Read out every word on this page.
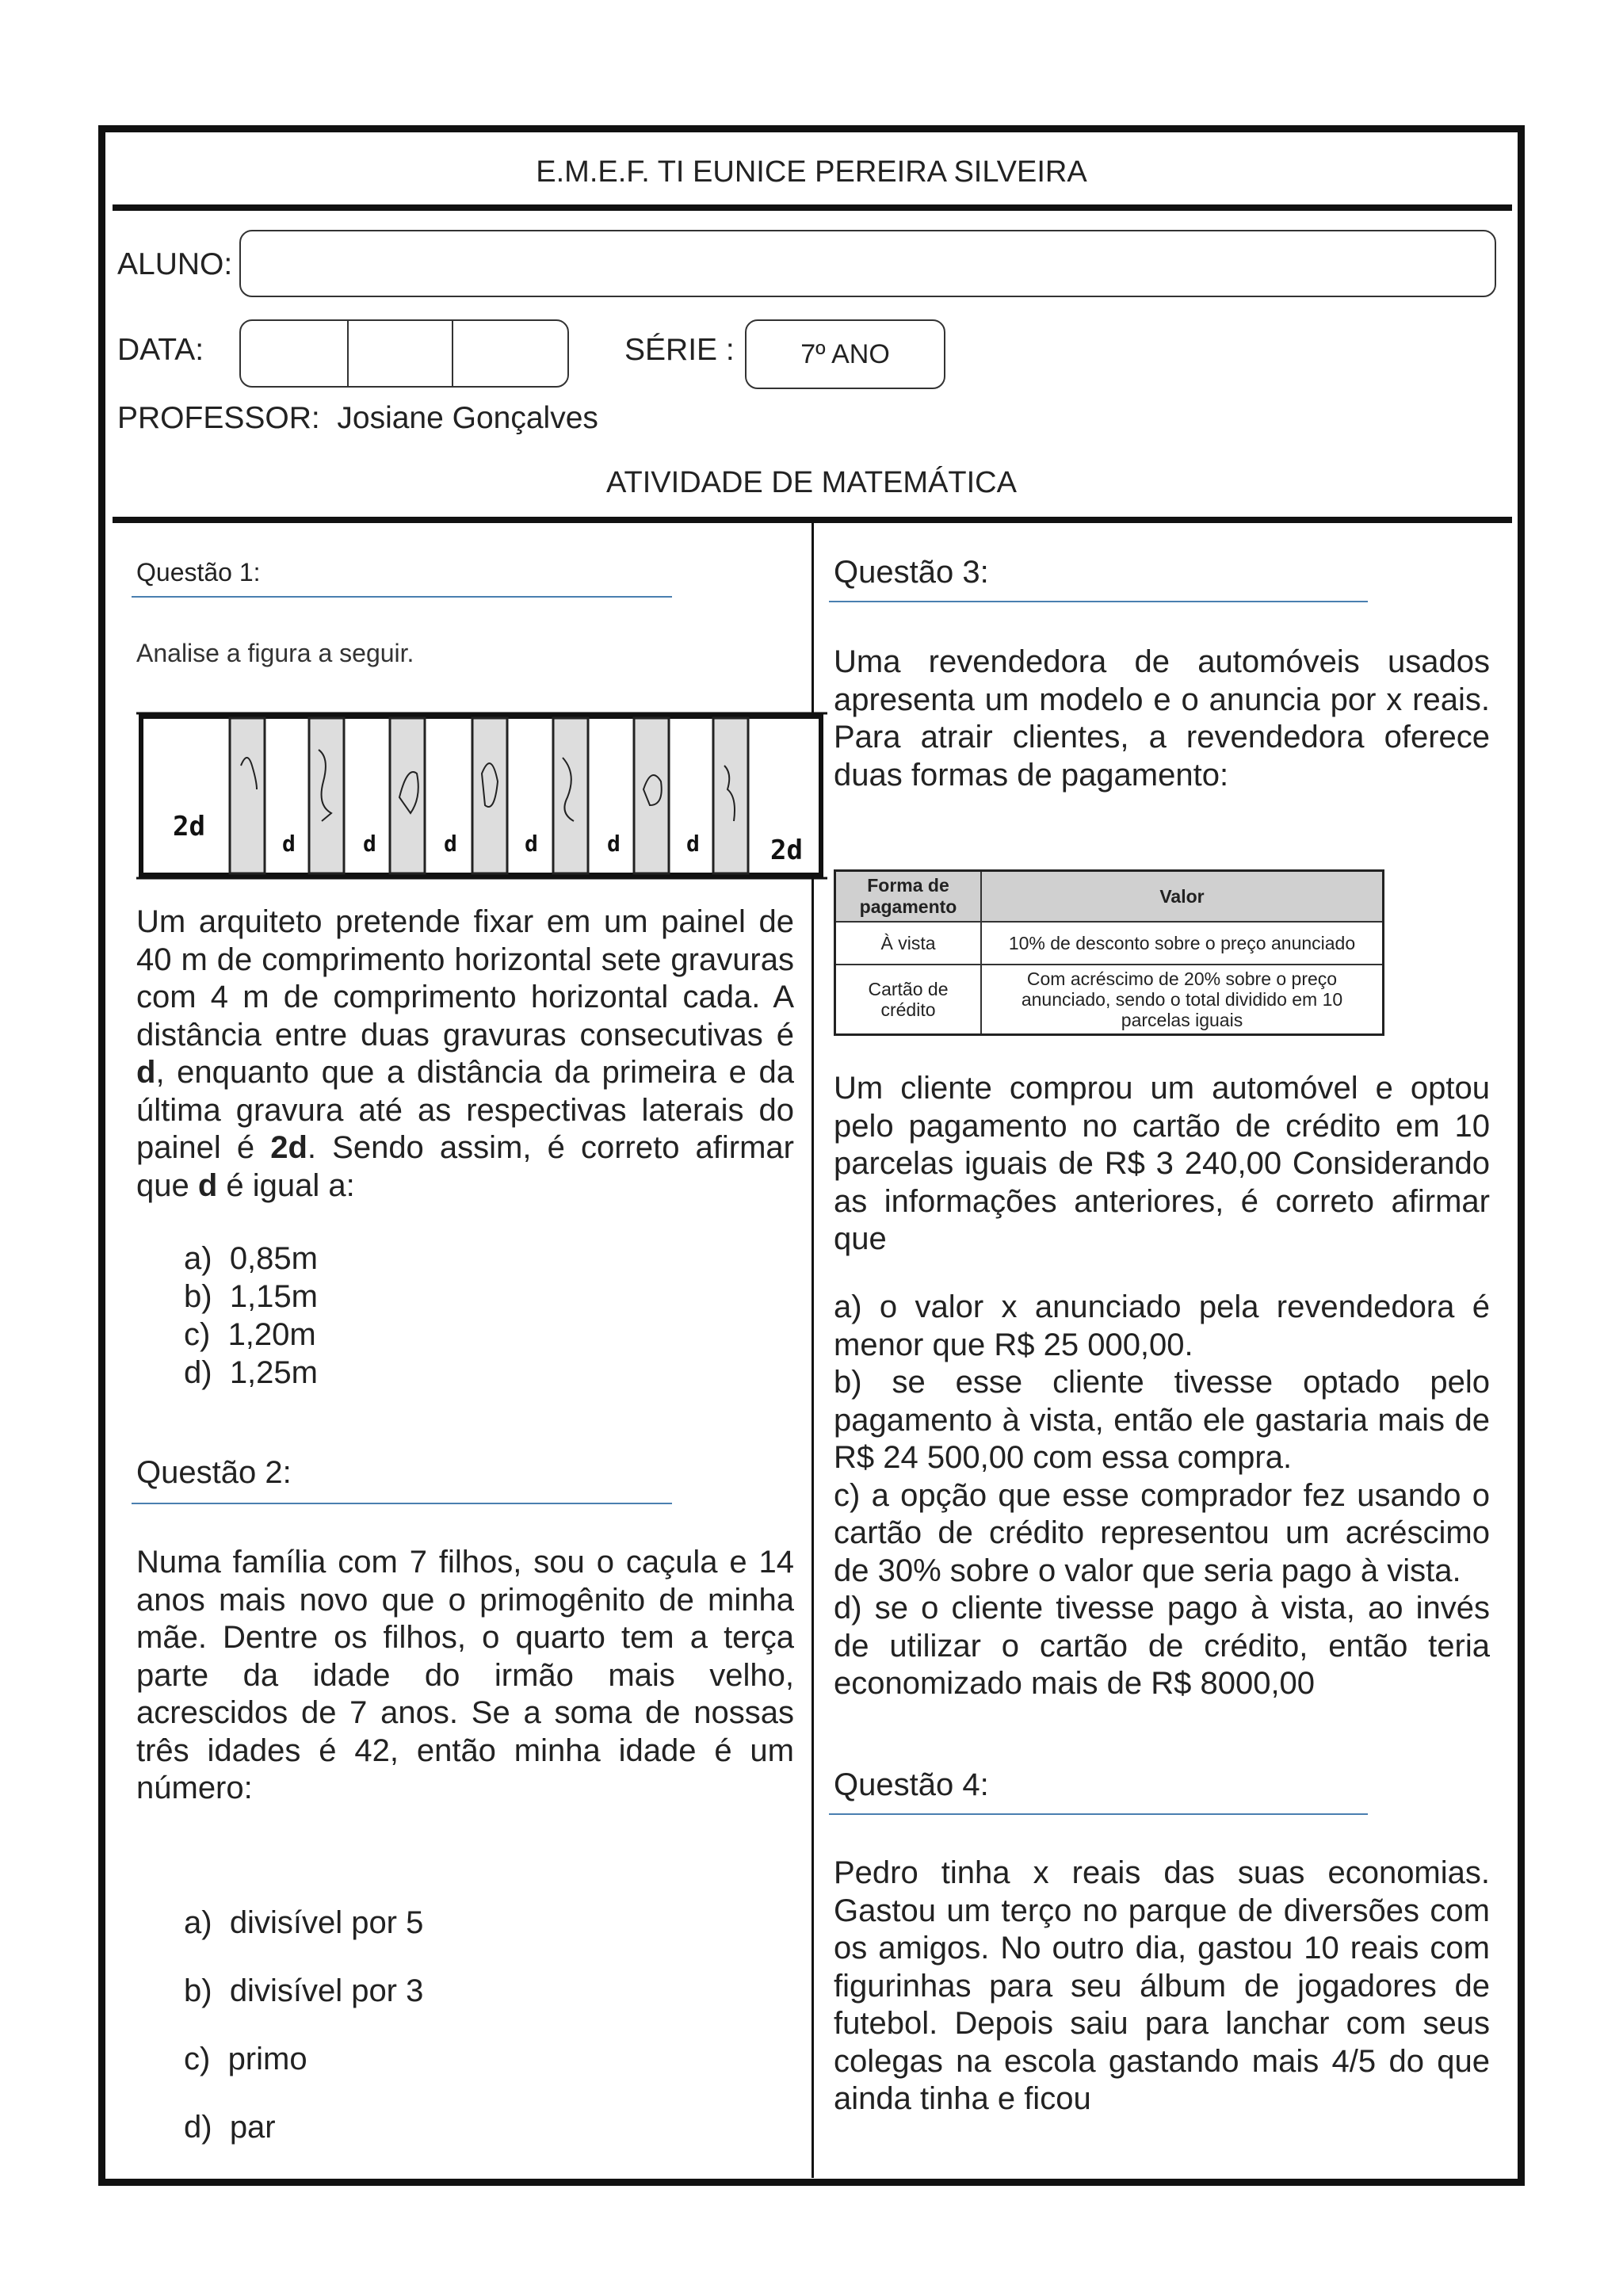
E.M.E.F. TI EUNICE PEREIRA SILVEIRA
ALUNO:
DATA:	SÉRIE : 7º ANO
PROFESSOR: Josiane Gonçalves
ATIVIDADE DE MATEMÁTICA
Questão 1:
Analise a figura a seguir.
2d
d	d	d	d	d	d	2d
Um arquiteto pretende fixar em um painel de 40 m de comprimento horizontal sete gravuras com 4 m de comprimento horizontal cada. A distância entre duas gravuras consecutivas é d, enquanto que a distância da primeira e da última gravura até as respectivas laterais do painel é 2d. Sendo assim, é correto afirmar que d é igual a:
a) 0,85m
b) 1,15m
c) 1,20m
d) 1,25m
Questão 2:
Numa família com 7 filhos, sou o caçula e 14 anos mais novo que o primogênito de minha mãe. Dentre os filhos, o quarto tem a terça parte da idade do irmão mais velho, acrescidos de 7 anos. Se a soma de nossas três idades é 42, então minha idade é um número:
a) divisível por 5
b) divisível por 3
c) primo
d) par
Questão 3:
Uma revendedora de automóveis usados apresenta um modelo e o anuncia por x reais. Para atrair clientes, a revendedora oferece duas formas de pagamento:
Forma de pagamento	Valor
À vista	10% de desconto sobre o preço anunciado
Cartão de crédito	Com acréscimo de 20% sobre o preço anunciado, sendo o total dividido em 10 parcelas iguais
Um cliente comprou um automóvel e optou pelo pagamento no cartão de crédito em 10 parcelas iguais de R$ 3 240,00 Considerando as informações anteriores, é correto afirmar que
a) o valor x anunciado pela revendedora é menor que R$ 25 000,00.
b) se esse cliente tivesse optado pelo pagamento à vista, então ele gastaria mais de R$ 24 500,00 com essa compra.
c) a opção que esse comprador fez usando o cartão de crédito representou um acréscimo de 30% sobre o valor que seria pago à vista.
d) se o cliente tivesse pago à vista, ao invés de utilizar o cartão de crédito, então teria economizado mais de R$ 8000,00
Questão 4:
Pedro tinha x reais das suas economias. Gastou um terço no parque de diversões com os amigos. No outro dia, gastou 10 reais com figurinhas para seu álbum de jogadores de futebol. Depois saiu para lanchar com seus colegas na escola gastando mais 4/5 do que ainda tinha e ficou
